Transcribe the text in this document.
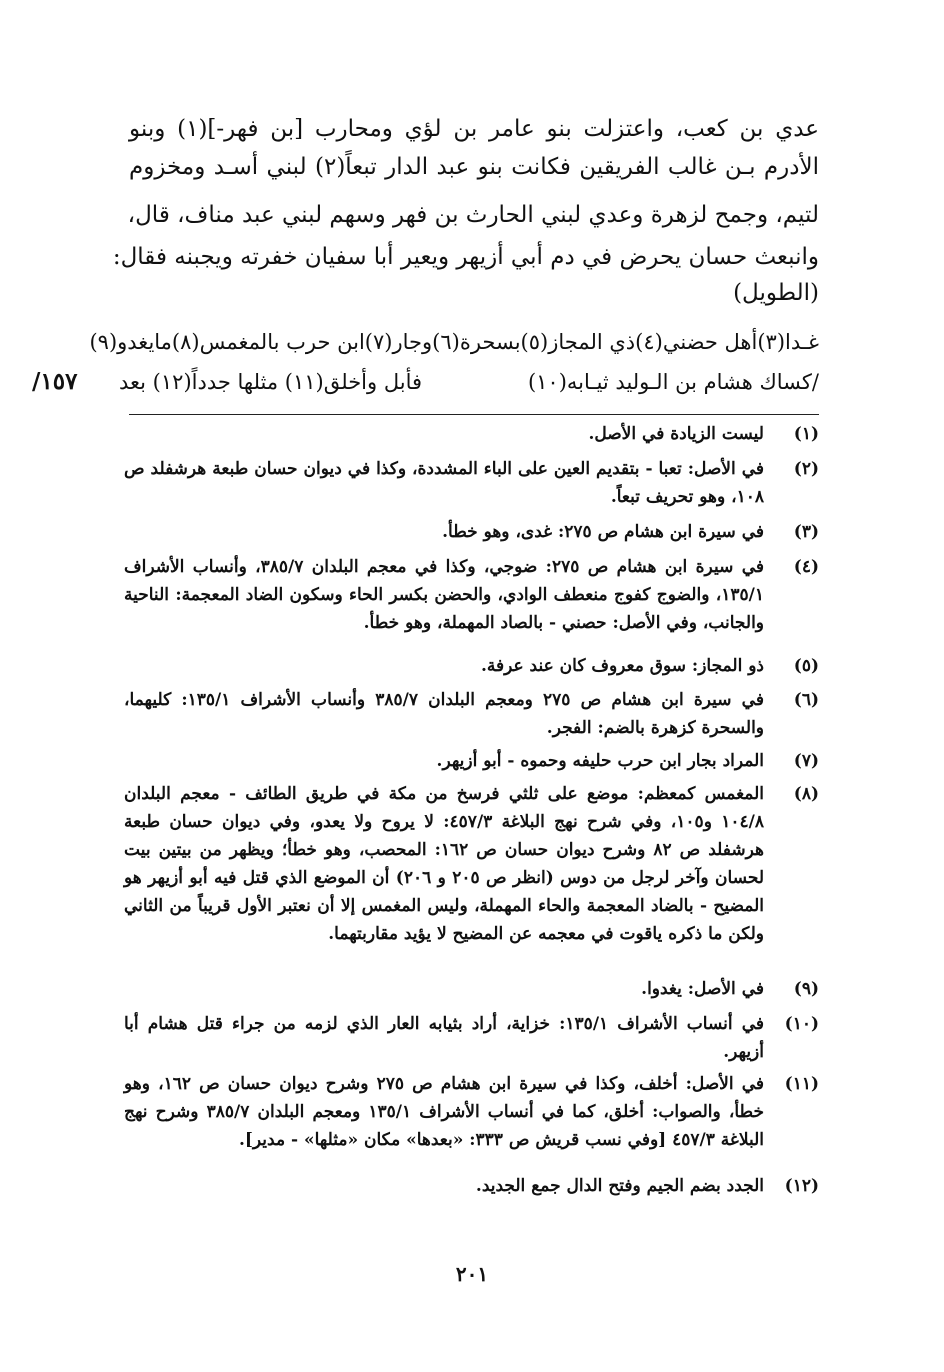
عدي بن كعب، واعتزلت بنو عامر بن لؤي ومحارب [بن فهر-](١) وبنو
الأدرم بـن غالب الفريقين فكانت بنو عبد الدار تبعاً(٢) لبني أسـد ومخزوم
لتيم، وجمح لزهرة وعدي لبني الحارث بن فهر وسهم لبني عبد مناف، قال،
وانبعث حسان يحرض في دم أبي أزيهر ويعير أبا سفيان خفرته ويجبنه فقال:
(الطويل)
غـدا(٣)أهل حضني(٤)ذي المجاز(٥)بسحرة(٦)
وجار(٧)ابن حرب بالمغمس(٨)مايغدو(٩)
/كساك هشام بن الـوليد ثيـابه(١٠)
فأبل وأخلق(١١) مثلها جدداً(١٢) بعد
١٥٧/
(١)
ليست الزيادة في الأصل.
(٢)
في الأصل: تعبا - بتقديم العين على الباء المشددة، وكذا في ديوان حسان طبعة هرشفلد ص ١٠٨، وهو تحريف تبعاً.
(٣)
في سيرة ابن هشام ص ٢٧٥: غدى، وهو خطأ.
(٤)
في سيرة ابن هشام ص ٢٧٥: ضوجي، وكذا في معجم البلدان ٣٨٥/٧، وأنساب الأشراف ١٣٥/١، والضوج كفوج منعطف الوادي، والحضن بكسر الحاء وسكون الضاد المعجمة: الناحية والجانب، وفي الأصل: حصني - بالصاد المهملة، وهو خطأ.
(٥)
ذو المجاز: سوق معروف كان عند عرفة.
(٦)
في سيرة ابن هشام ص ٢٧٥ ومعجم البلدان ٣٨٥/٧ وأنساب الأشراف ١٣٥/١: كليهما، والسحرة كزهرة بالضم: الفجر.
(٧)
المراد بجار ابن حرب حليفه وحموه - أبو أزيهر.
(٨)
المغمس كمعظم: موضع على ثلثي فرسخ من مكة في طريق الطائف - معجم البلدان ١٠٤/٨ و١٠٥، وفي شرح نهج البلاغة ٤٥٧/٣: لا يروح ولا يعدو، وفي ديوان حسان طبعة هرشفلد ص ٨٢ وشرح ديوان حسان ص ١٦٢: المحصب، وهو خطأ؛ ويظهر من بيتين بيت لحسان وآخر لرجل من دوس (انظر ص ٢٠٥ و ٢٠٦) أن الموضع الذي قتل فيه أبو أزيهر هو المضيح - بالضاد المعجمة والحاء المهملة، وليس المغمس إلا أن نعتبر الأول قريباً من الثاني ولكن ما ذكره ياقوت في معجمه عن المضيح لا يؤيد مقاربتهما.
(٩)
في الأصل: يغدوا.
(١٠)
في أنساب الأشراف ١٣٥/١: خزاية، أراد بثيابه العار الذي لزمه من جراء قتل هشام أبا أزيهر.
(١١)
في الأصل: أخلف، وكذا في سيرة ابن هشام ص ٢٧٥ وشرح ديوان حسان ص ١٦٢، وهو خطأ، والصواب: أخلق، كما في أنساب الأشراف ١٣٥/١ ومعجم البلدان ٣٨٥/٧ وشرح نهج البلاغة ٤٥٧/٣ [وفي نسب قريش ص ٣٣٣: «بعدها» مكان «مثلها» - مدير].
(١٢)
الجدد بضم الجيم وفتح الدال جمع الجديد.
٢٠١
